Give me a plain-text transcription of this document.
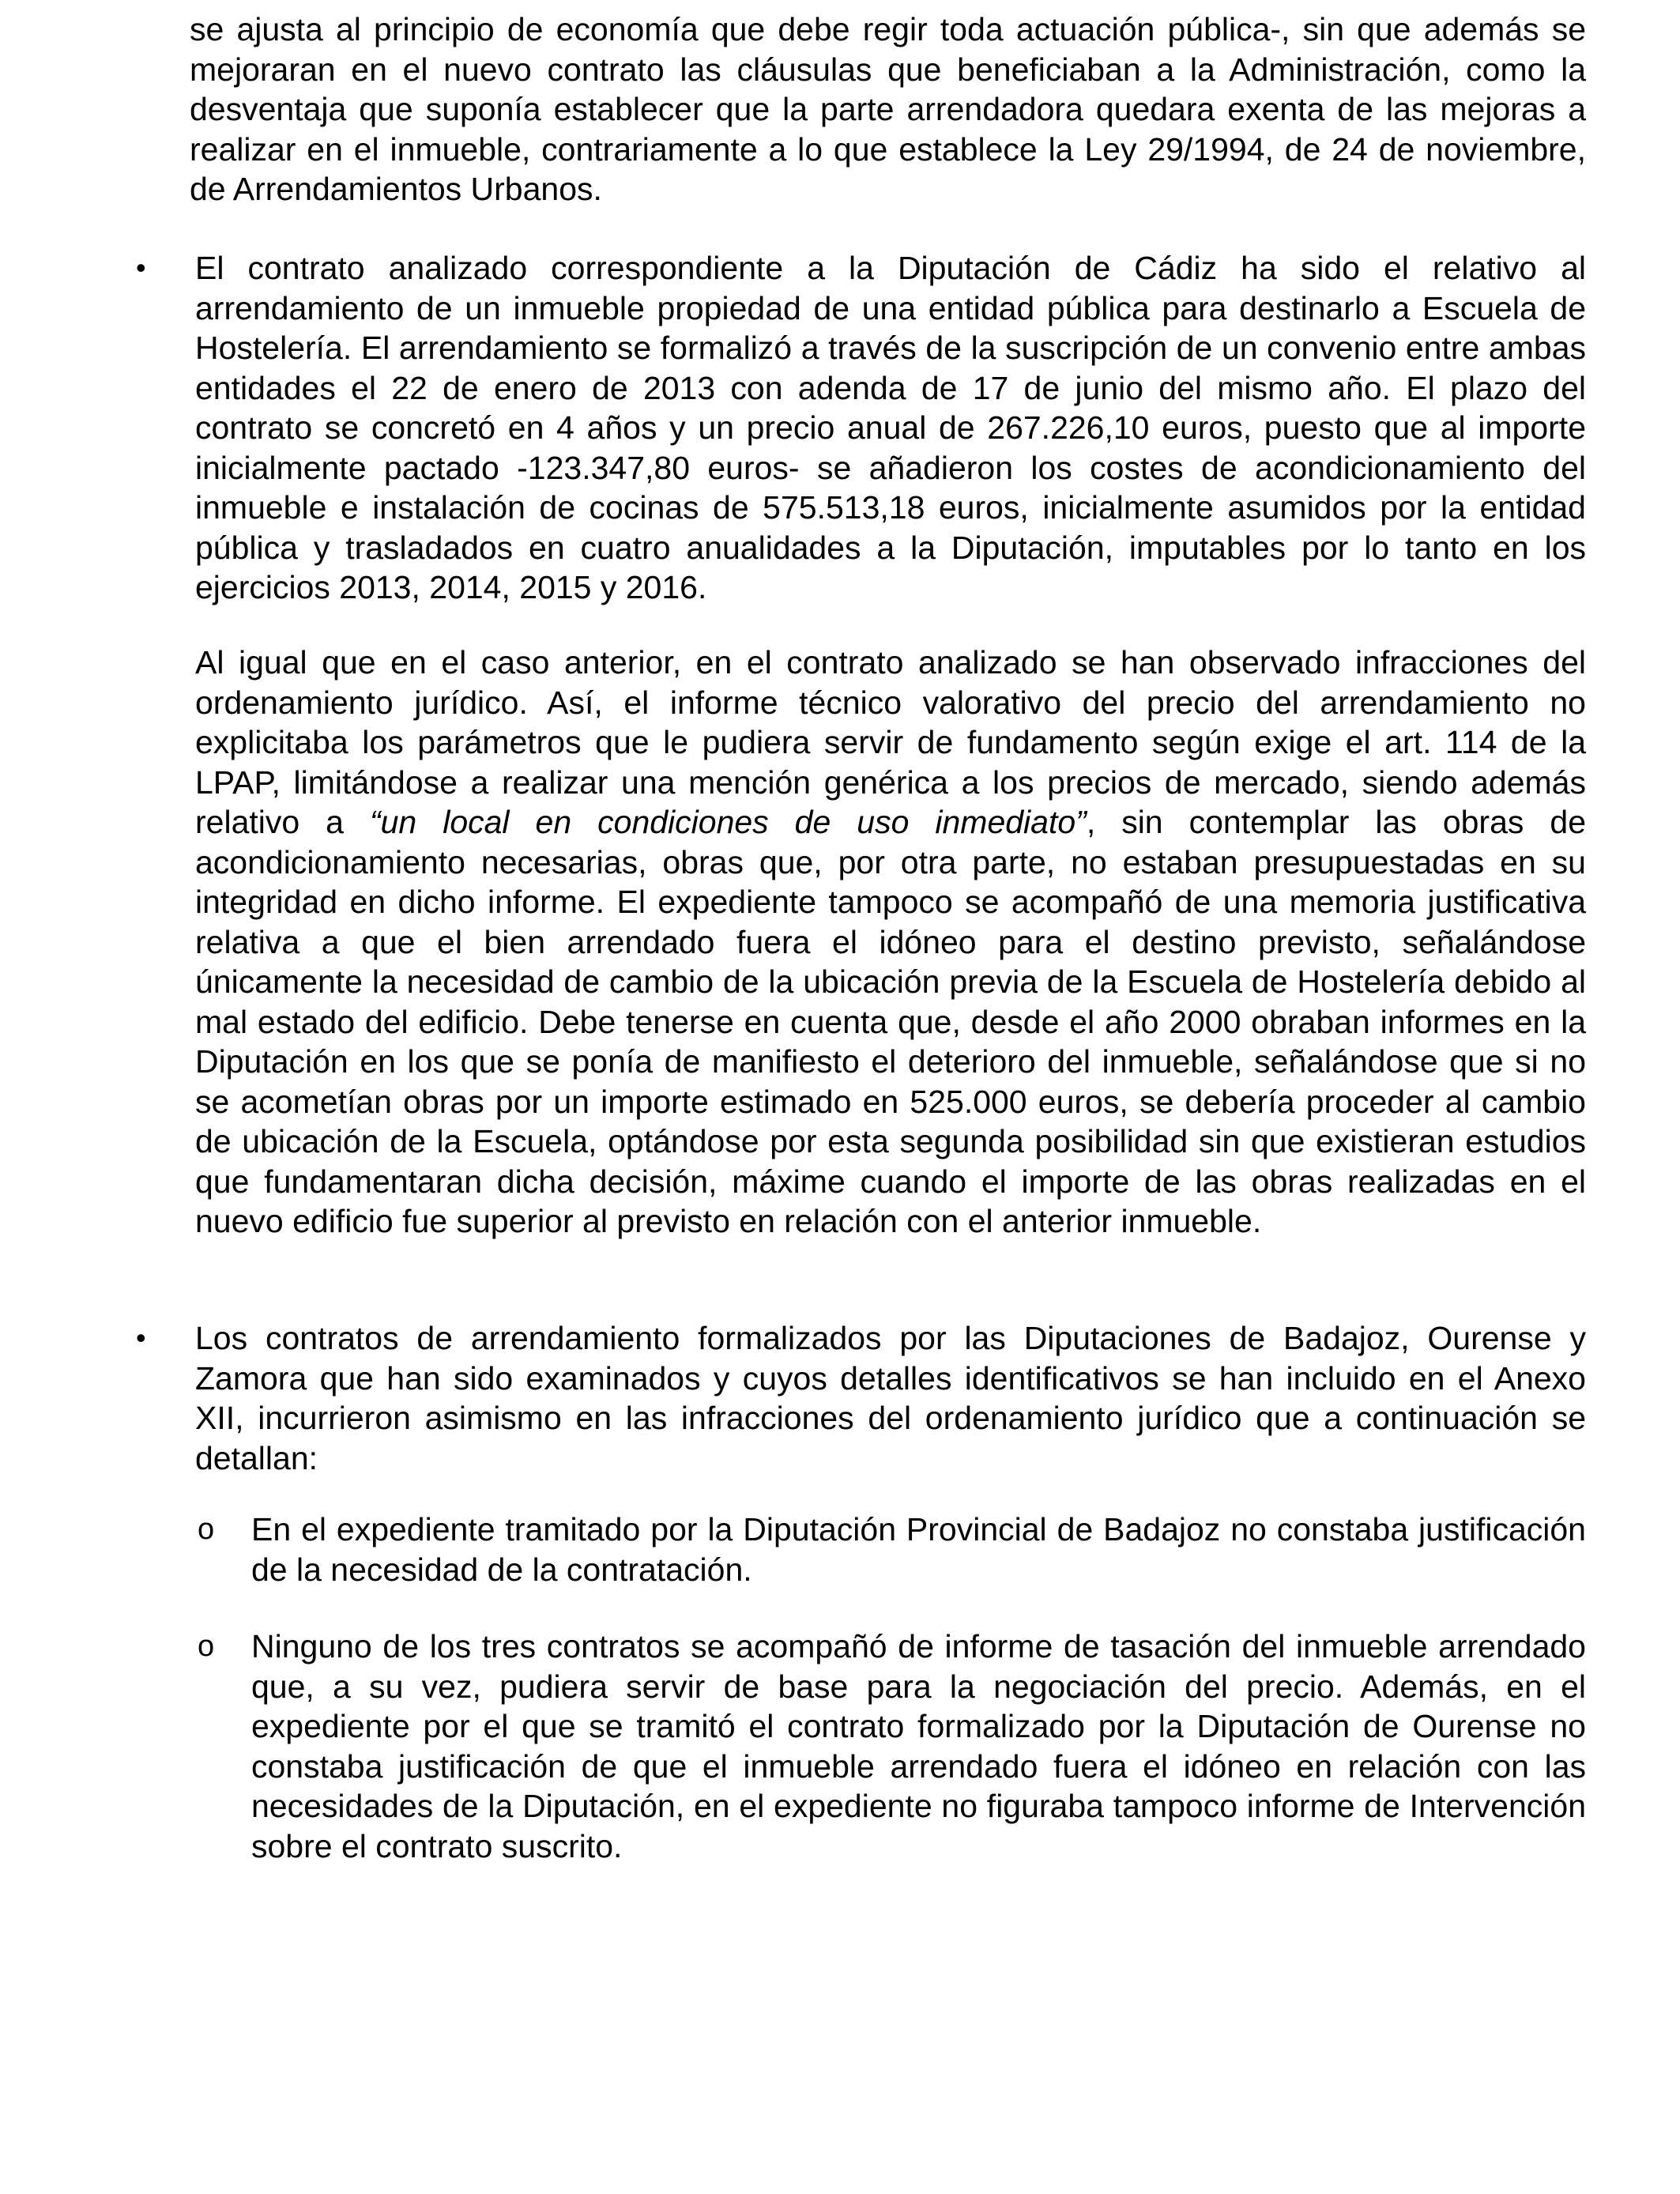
se ajusta al principio de economía que debe regir toda actuación pública-, sin que además se mejoraran en el nuevo contrato las cláusulas que beneficiaban a la Administración, como la desventaja que suponía establecer que la parte arrendadora quedara exenta de las mejoras a realizar en el inmueble, contrariamente a lo que establece la Ley 29/1994, de 24 de noviembre, de Arrendamientos Urbanos.

• El contrato analizado correspondiente a la Diputación de Cádiz ha sido el relativo al arrendamiento de un inmueble propiedad de una entidad pública para destinarlo a Escuela de Hostelería. El arrendamiento se formalizó a través de la suscripción de un convenio entre ambas entidades el 22 de enero de 2013 con adenda de 17 de junio del mismo año. El plazo del contrato se concretó en 4 años y un precio anual de 267.226,10 euros, puesto que al importe inicialmente pactado -123.347,80 euros- se añadieron los costes de acondicionamiento del inmueble e instalación de cocinas de 575.513,18 euros, inicialmente asumidos por la entidad pública y trasladados en cuatro anualidades a la Diputación, imputables por lo tanto en los ejercicios 2013, 2014, 2015 y 2016.

Al igual que en el caso anterior, en el contrato analizado se han observado infracciones del ordenamiento jurídico. Así, el informe técnico valorativo del precio del arrendamiento no explicitaba los parámetros que le pudiera servir de fundamento según exige el art. 114 de la LPAP, limitándose a realizar una mención genérica a los precios de mercado, siendo además relativo a “un local en condiciones de uso inmediato”, sin contemplar las obras de acondicionamiento necesarias, obras que, por otra parte, no estaban presupuestadas en su integridad en dicho informe. El expediente tampoco se acompañó de una memoria justificativa relativa a que el bien arrendado fuera el idóneo para el destino previsto, señalándose únicamente la necesidad de cambio de la ubicación previa de la Escuela de Hostelería debido al mal estado del edificio. Debe tenerse en cuenta que, desde el año 2000 obraban informes en la Diputación en los que se ponía de manifiesto el deterioro del inmueble, señalándose que si no se acometían obras por un importe estimado en 525.000 euros, se debería proceder al cambio de ubicación de la Escuela, optándose por esta segunda posibilidad sin que existieran estudios que fundamentaran dicha decisión, máxime cuando el importe de las obras realizadas en el nuevo edificio fue superior al previsto en relación con el anterior inmueble.

• Los contratos de arrendamiento formalizados por las Diputaciones de Badajoz, Ourense y Zamora que han sido examinados y cuyos detalles identificativos se han incluido en el Anexo XII, incurrieron asimismo en las infracciones del ordenamiento jurídico que a continuación se detallan:

o En el expediente tramitado por la Diputación Provincial de Badajoz no constaba justificación de la necesidad de la contratación.

o Ninguno de los tres contratos se acompañó de informe de tasación del inmueble arrendado que, a su vez, pudiera servir de base para la negociación del precio. Además, en el expediente por el que se tramitó el contrato formalizado por la Diputación de Ourense no constaba justificación de que el inmueble arrendado fuera el idóneo en relación con las necesidades de la Diputación, en el expediente no figuraba tampoco informe de Intervención sobre el contrato suscrito.
